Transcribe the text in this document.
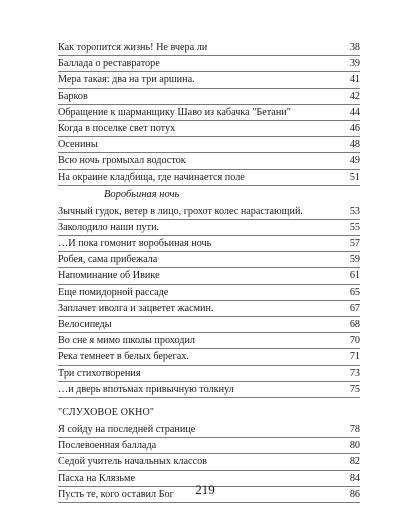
Как торопится жизнь! Не вчера ли	38
Баллада о реставраторе	39
Мера такая: два на три аршина.	41
Барков	42
Обращение к шарманщику Шаво из кабачка "Бетани"	44
Когда в поселке свет потух	46
Осенины	48
Всю ночь громыхал водосток	49
На окраине кладбища, где начинается поле	51
Воробьиная ночь
Зычный гудок, ветер в лицо, грохот колес нарастающий.	53
Заколодило наши пути.	55
…И пока гомонит воробьиная ночь	57
Робея, сама прибежала	59
Напоминание об Ивике	61
Еще помидорной рассаде	65
Заплачет иволга и зацветет жасмин.	67
Велосипеды	68
Во сне я мимо школы проходил	70
Река темнеет в белых берегах.	71
Три стихотворения	73
…и дверь впотьмах привычную толкнул	75
"СЛУХОВОЕ ОКНО"
Я сойду на последней странице	78
Послевоенная баллада	80
Седой учитель начальных классов	82
Пасха на Клязьме	84
Пусть те, кого оставил Бог	86
219
